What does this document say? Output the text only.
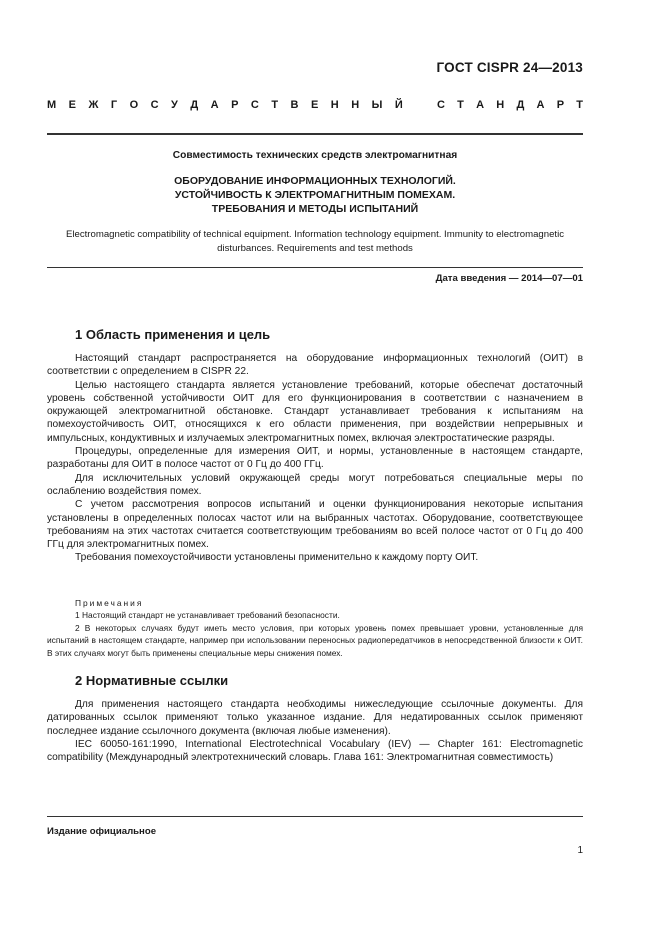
ГОСТ CISPR 24—2013
М Е Ж Г О С У Д А Р С Т В Е Н Н Ы Й	С Т А Н Д А Р Т
Совместимость технических средств электромагнитная
ОБОРУДОВАНИЕ ИНФОРМАЦИОННЫХ ТЕХНОЛОГИЙ.
УСТОЙЧИВОСТЬ К ЭЛЕКТРОМАГНИТНЫМ ПОМЕХАМ.
ТРЕБОВАНИЯ И МЕТОДЫ ИСПЫТАНИЙ
Electromagnetic compatibility of technical equipment. Information technology equipment. Immunity to electromagnetic
disturbances. Requirements and test methods
Дата введения — 2014—07—01
1 Область применения и цель

Настоящий стандарт распространяется на оборудование информационных технологий (ОИТ) в соответствии с определением в CISPR 22.

Целью настоящего стандарта является установление требований, которые обеспечат достаточный уровень собственной устойчивости ОИТ для его функционирования в соответствии с назначением в окружающей электромагнитной обстановке. Стандарт устанавливает требования к испытаниям на помехоустойчивость ОИТ, относящихся к его области применения, при воздействии непрерывных и импульсных, кондуктивных и излучаемых электромагнитных помех, включая электростатические разряды.

Процедуры, определенные для измерения ОИТ, и нормы, установленные в настоящем стандарте, разработаны для ОИТ в полосе частот от 0 Гц до 400 ГГц.

Для исключительных условий окружающей среды могут потребоваться специальные меры по ослаблению воздействия помех.

С учетом рассмотрения вопросов испытаний и оценки функционирования некоторые испытания установлены в определенных полосах частот или на выбранных частотах. Оборудование, соответствующее требованиям на этих частотах считается соответствующим требованиям во всей полосе частот от 0 Гц до 400 ГГц для электромагнитных помех.

Требования помехоустойчивости установлены применительно к каждому порту ОИТ.

Примечания

1 Настоящий стандарт не устанавливает требований безопасности.

2 В некоторых случаях будут иметь место условия, при которых уровень помех превышает уровни, установленные для испытаний в настоящем стандарте, например при использовании переносных радиопередатчиков в непосредственной близости к ОИТ. В этих случаях могут быть применены специальные меры снижения помех.

2 Нормативные ссылки

Для применения настоящего стандарта необходимы нижеследующие ссылочные документы. Для датированных ссылок применяют только указанное издание. Для недатированных ссылок применяют последнее издание ссылочного документа (включая любые изменения).

IEC 60050-161:1990, International Electrotechnical Vocabulary (IEV) — Chapter 161: Electromagnetic compatibility (Международный электротехнический словарь. Глава 161: Электромагнитная совместимость)

Издание официальное
1
